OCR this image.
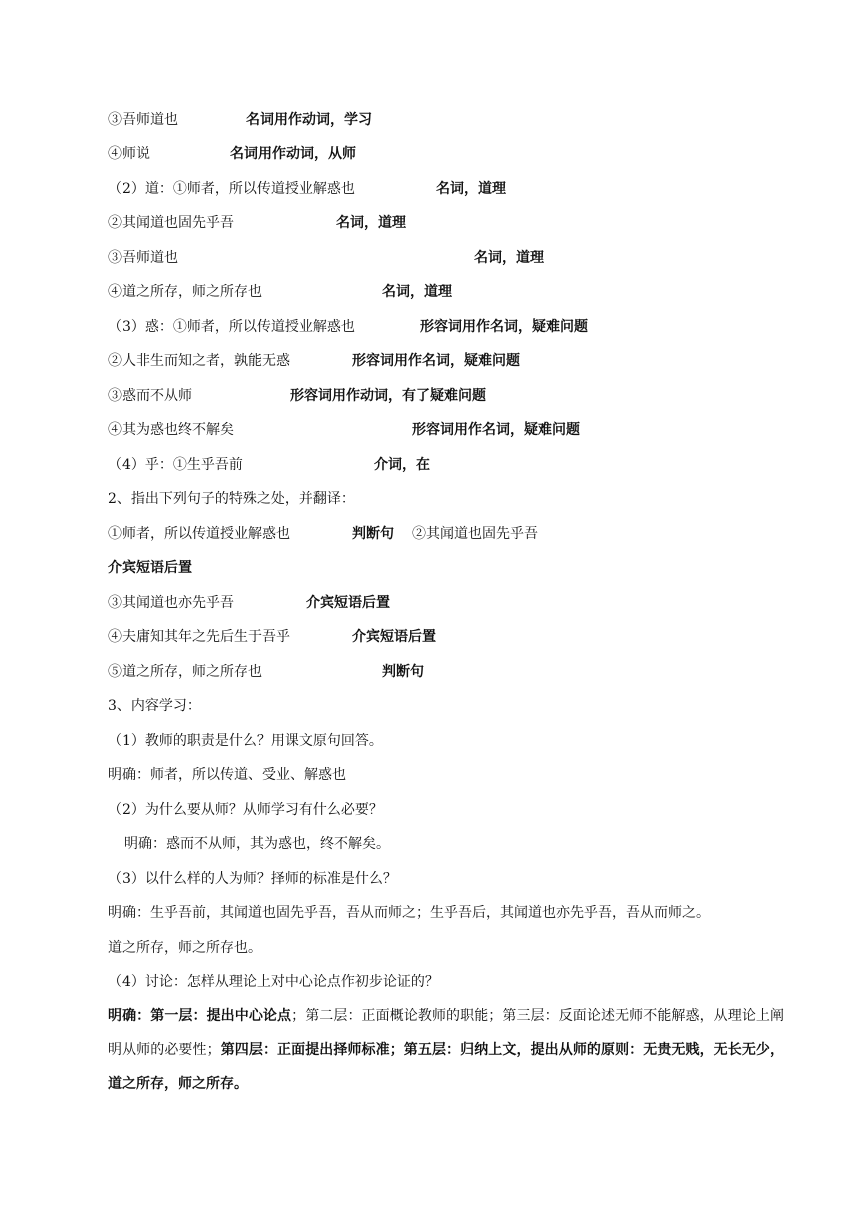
③吾师道也	名词用作动词，学习
④师说	名词用作动词，从师
（2）道：①师者，所以传道授业解惑也	名词，道理
②其闻道也固先乎吾	名词，道理
③吾师道也	名词，道理
④道之所存，师之所存也	名词，道理
（3）惑：①师者，所以传道授业解惑也	形容词用作名词，疑难问题
②人非生而知之者，孰能无惑	形容词用作名词，疑难问题
③惑而不从师	形容词用作动词，有了疑难问题
④其为惑也终不解矣	形容词用作名词，疑难问题
（4）乎：①生乎吾前	介词，在
2、指出下列句子的特殊之处，并翻译：
①师者，所以传道授业解惑也	判断句 ②其闻道也固先乎吾
介宾短语后置
③其闻道也亦先乎吾	介宾短语后置
④夫庸知其年之先后生于吾乎	介宾短语后置
⑤道之所存，师之所存也	判断句
3、内容学习：
（1）教师的职责是什么？用课文原句回答。
明确：师者，所以传道、受业、解惑也
（2）为什么要从师？从师学习有什么必要？
明确：惑而不从师，其为惑也，终不解矣。
（3）以什么样的人为师？择师的标准是什么？
明确：生乎吾前，其闻道也固先乎吾，吾从而师之；生乎吾后，其闻道也亦先乎吾，吾从而师之。
道之所存，师之所存也。
（4）讨论：怎样从理论上对中心论点作初步论证的？
明确：第一层：提出中心论点；第二层：正面概论教师的职能；第三层：反面论述无师不能解惑，从理论上阐明从师的必要性；第四层：正面提出择师标准；第五层：归纳上文，提出从师的原则：无贵无贱，无长无少，道之所存，师之所存。
